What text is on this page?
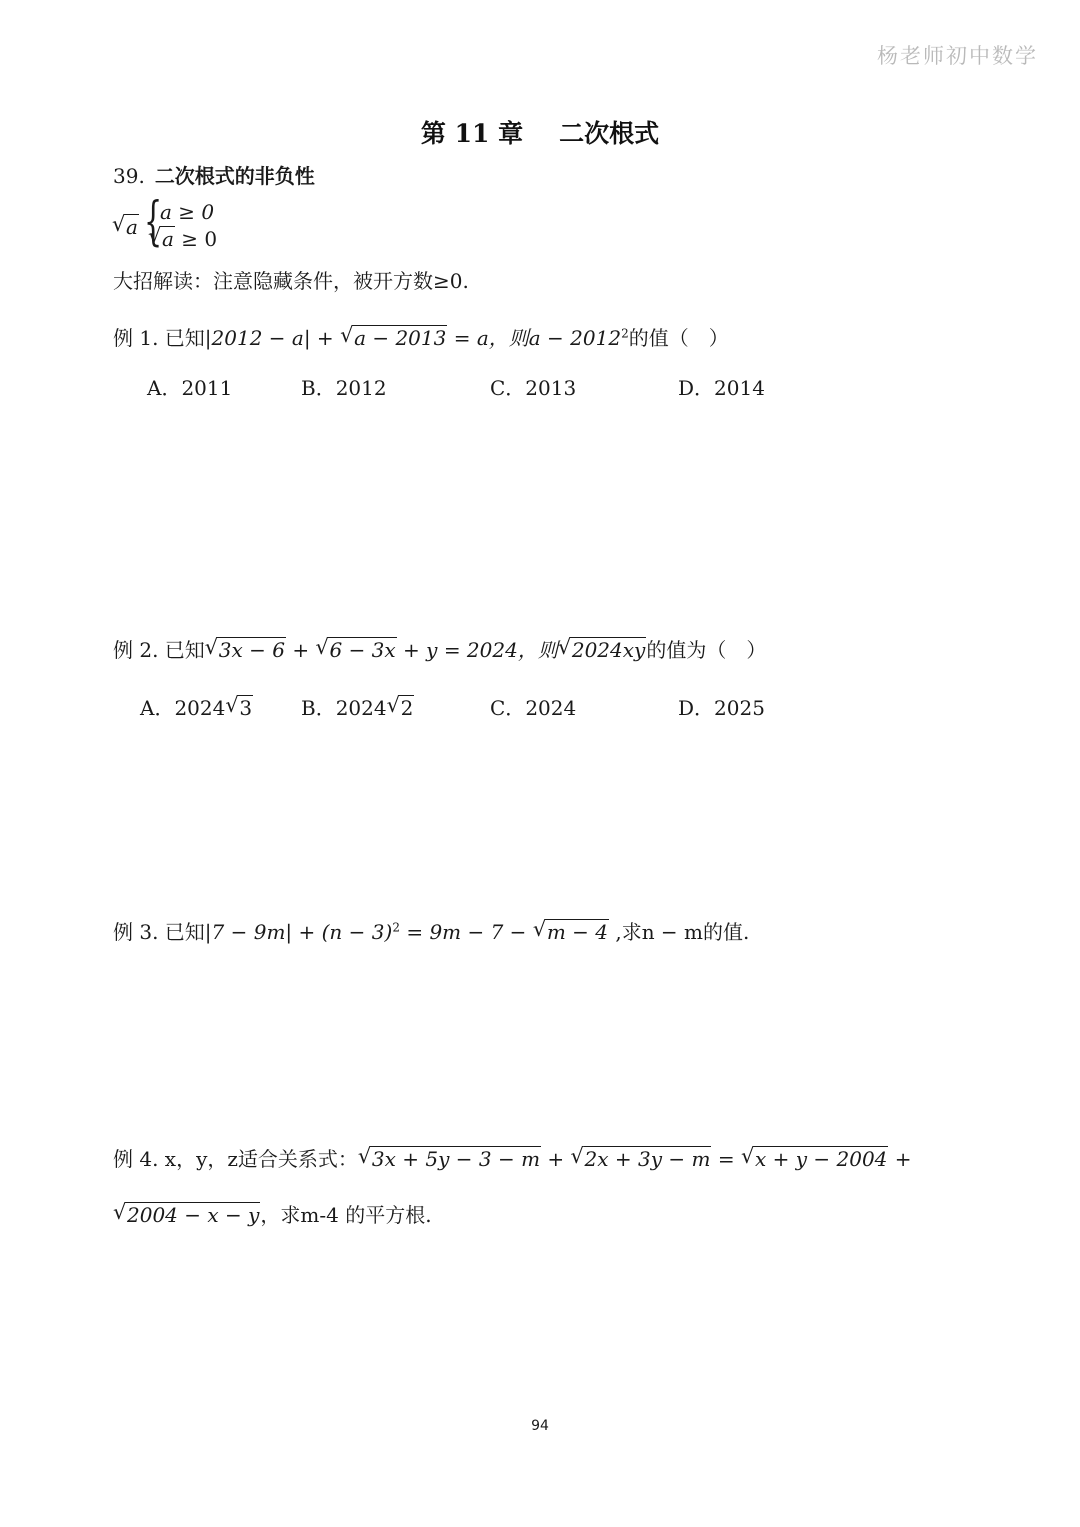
杨老师初中数学
第 11 章 二次根式
39. 二次根式的非负性
√ a {
a ≥ 0
√ a ≥ 0
大招解读：注意隐藏条件，被开方数≥0.
例 1. 已知|2012 − a| + √ a − 2013 = a，则$a - 2012^2$的值（　）
A．2011	B．2012	C．2013	D．2014
例 2. 已知 √ 3x − 6 + √ 6 − 3x + y = 2024，则 √ 2024xy的值为（　）
A．2024 √ 3 B．2024 √ 2	C．2024	D．2025
例 3. 已知$|7 - 9m| + (n - 3)^2 = 9m - 7$ − √ m − 4 ,求n − m的值.
例 4. x，y，z适合关系式： √ 3x + 5y − 3 − m + √ 2x + 3y − m = √ x + y − 2004 +
√ 2004 − x − y，求m-4 的平方根.
94
